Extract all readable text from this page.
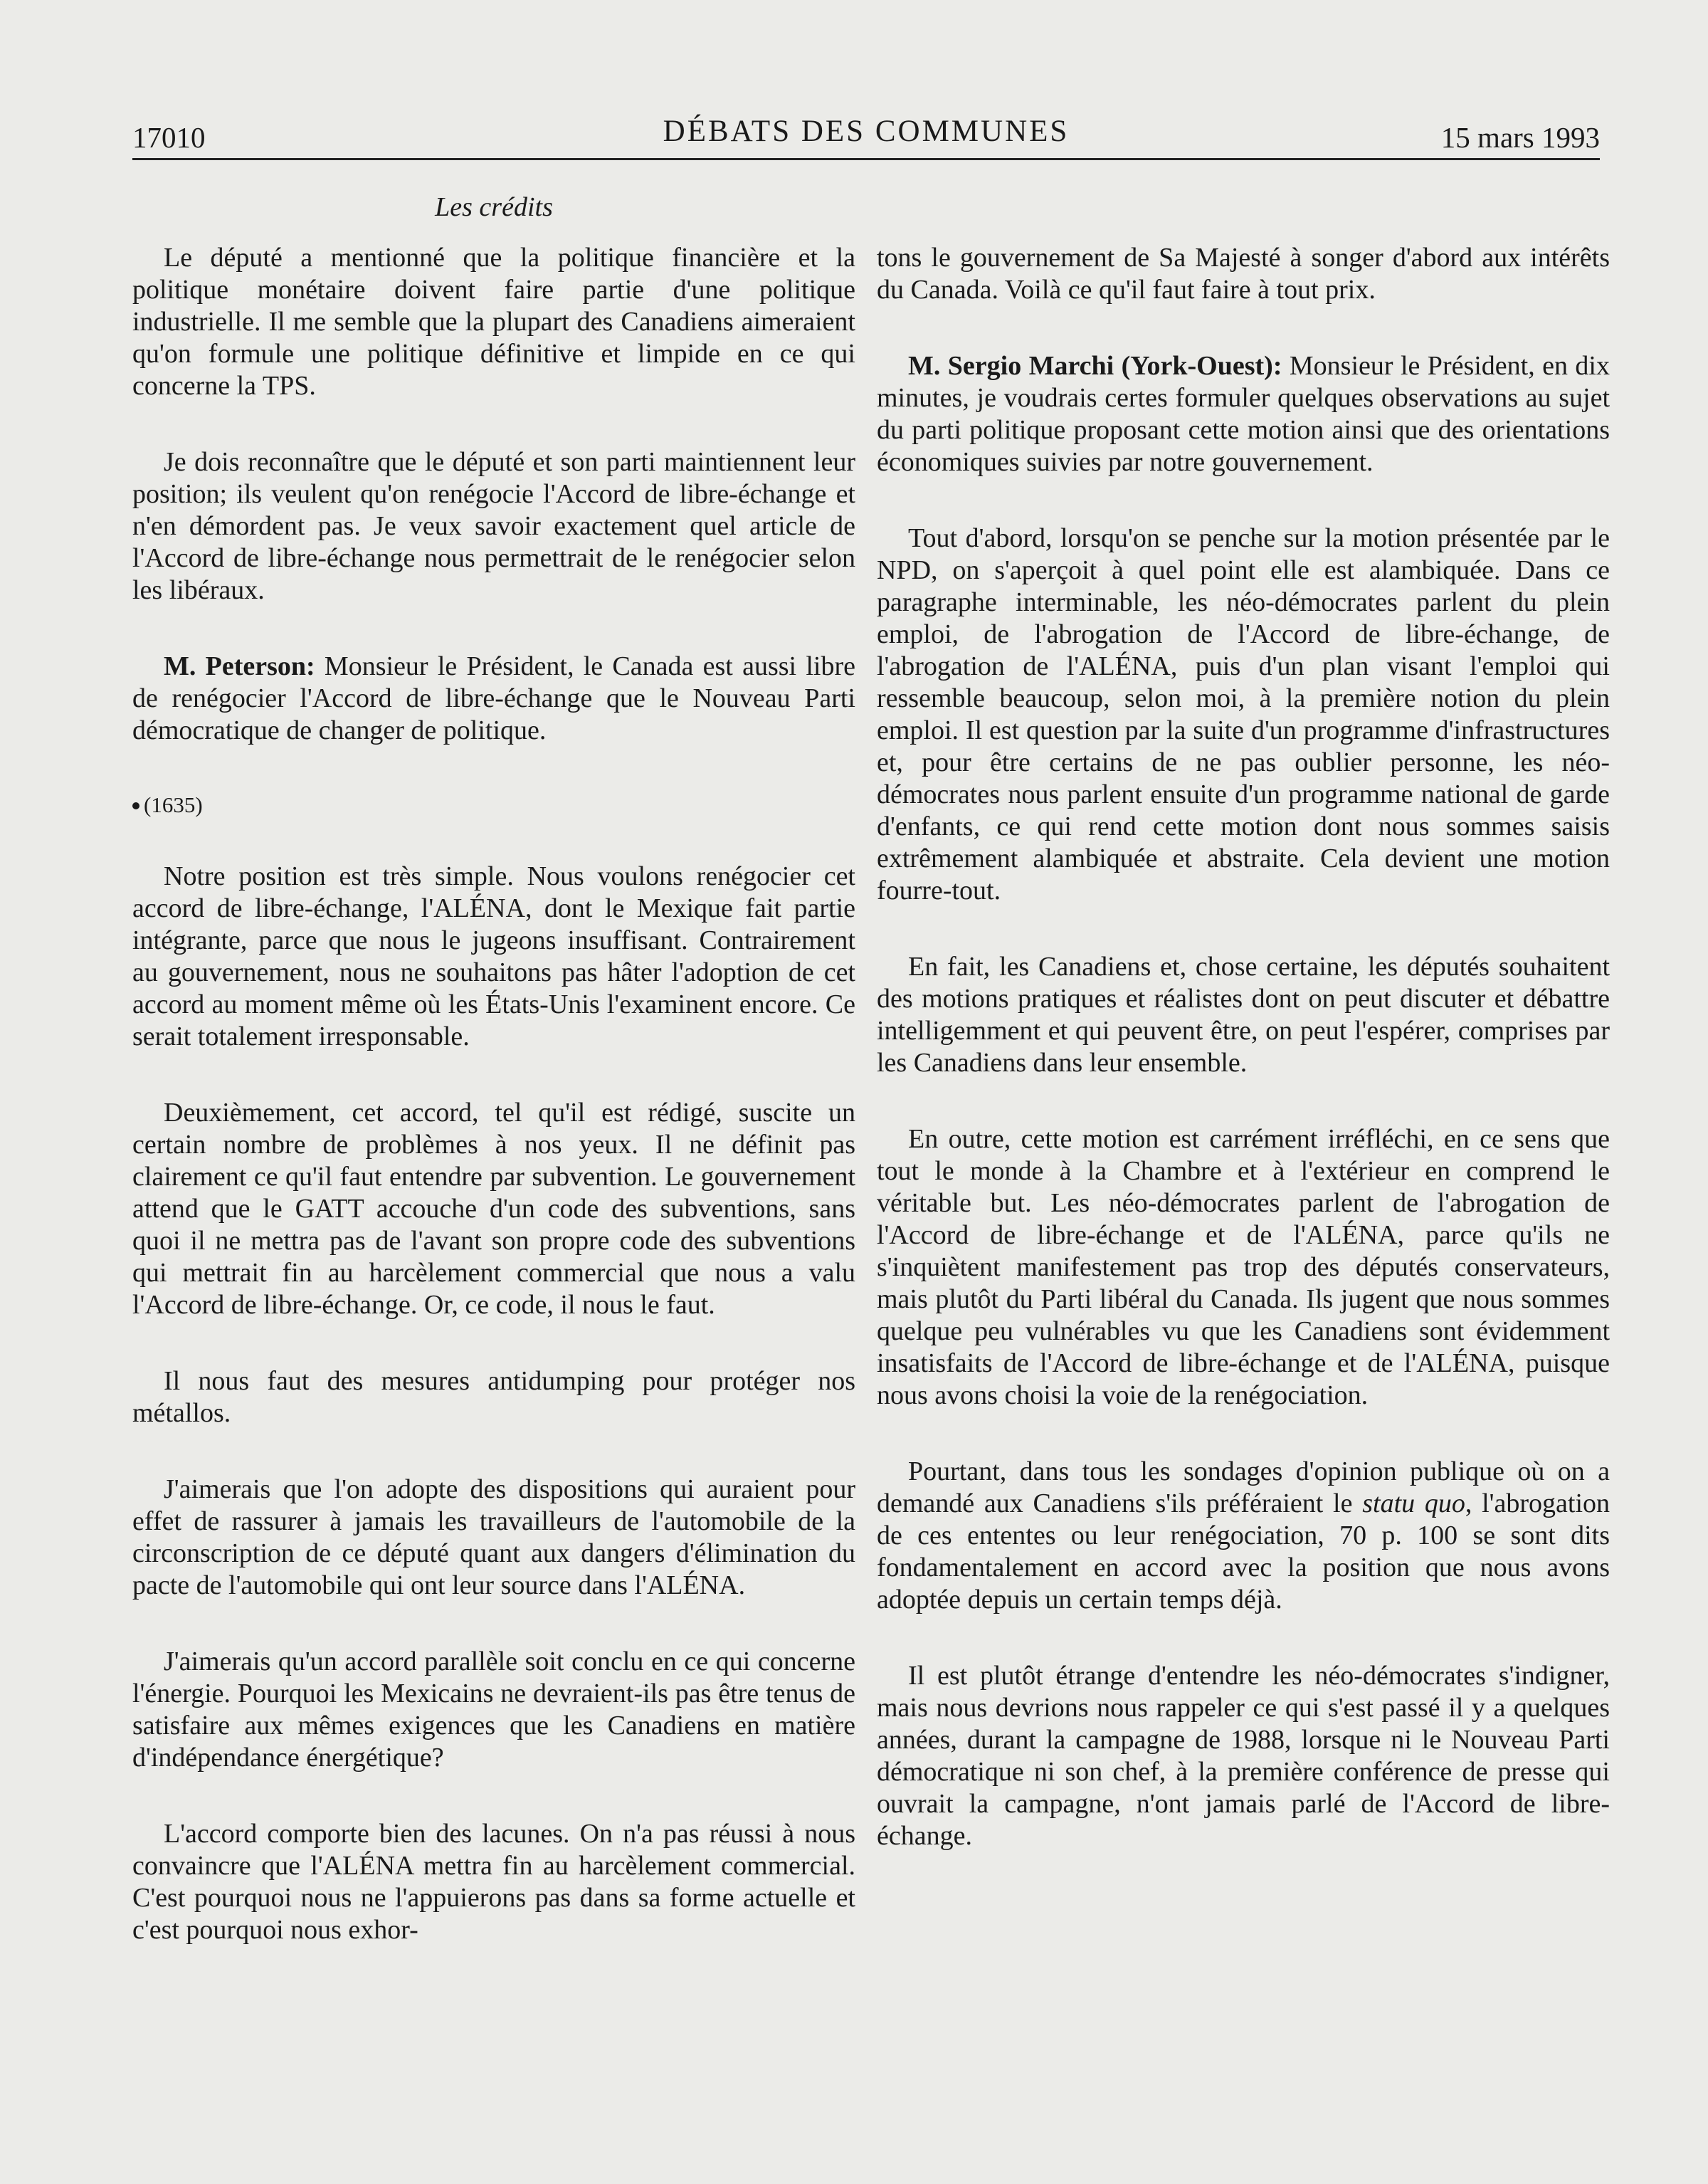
17010	DÉBATS DES COMMUNES	15 mars 1993
Les crédits

Le député a mentionné que la politique financière et la politique monétaire doivent faire partie d'une politique industrielle. Il me semble que la plupart des Canadiens aimeraient qu'on formule une politique définitive et limpide en ce qui concerne la TPS.

Je dois reconnaître que le député et son parti maintiennent leur position; ils veulent qu'on renégocie l'Accord de libre-échange et n'en démordent pas. Je veux savoir exactement quel article de l'Accord de libre-échange nous permettrait de le renégocier selon les libéraux.

M. Peterson: Monsieur le Président, le Canada est aussi libre de renégocier l'Accord de libre-échange que le Nouveau Parti démocratique de changer de politique.

(1635)

Notre position est très simple. Nous voulons renégocier cet accord de libre-échange, l'ALÉNA, dont le Mexique fait partie intégrante, parce que nous le jugeons insuffisant. Contrairement au gouvernement, nous ne souhaitons pas hâter l'adoption de cet accord au moment même où les États-Unis l'examinent encore. Ce serait totalement irresponsable.

Deuxièmement, cet accord, tel qu'il est rédigé, suscite un certain nombre de problèmes à nos yeux. Il ne définit pas clairement ce qu'il faut entendre par subvention. Le gouvernement attend que le GATT accouche d'un code des subventions, sans quoi il ne mettra pas de l'avant son propre code des subventions qui mettrait fin au harcèlement commercial que nous a valu l'Accord de libre-échange. Or, ce code, il nous le faut.

Il nous faut des mesures antidumping pour protéger nos métallos.

J'aimerais que l'on adopte des dispositions qui auraient pour effet de rassurer à jamais les travailleurs de l'automobile de la circonscription de ce député quant aux dangers d'élimination du pacte de l'automobile qui ont leur source dans l'ALÉNA.

J'aimerais qu'un accord parallèle soit conclu en ce qui concerne l'énergie. Pourquoi les Mexicains ne devraient-ils pas être tenus de satisfaire aux mêmes exigences que les Canadiens en matière d'indépendance énergétique?

L'accord comporte bien des lacunes. On n'a pas réussi à nous convaincre que l'ALÉNA mettra fin au harcèlement commercial. C'est pourquoi nous ne l'appuierons pas dans sa forme actuelle et c'est pourquoi nous exhor-

tons le gouvernement de Sa Majesté à songer d'abord aux intérêts du Canada. Voilà ce qu'il faut faire à tout prix.

M. Sergio Marchi (York-Ouest): Monsieur le Président, en dix minutes, je voudrais certes formuler quelques observations au sujet du parti politique proposant cette motion ainsi que des orientations économiques suivies par notre gouvernement.

Tout d'abord, lorsqu'on se penche sur la motion présentée par le NPD, on s'aperçoit à quel point elle est alambiquée. Dans ce paragraphe interminable, les néo-démocrates parlent du plein emploi, de l'abrogation de l'Accord de libre-échange, de l'abrogation de l'ALÉNA, puis d'un plan visant l'emploi qui ressemble beaucoup, selon moi, à la première notion du plein emploi. Il est question par la suite d'un programme d'infrastructures et, pour être certains de ne pas oublier personne, les néo-démocrates nous parlent ensuite d'un programme national de garde d'enfants, ce qui rend cette motion dont nous sommes saisis extrêmement alambiquée et abstraite. Cela devient une motion fourre-tout.

En fait, les Canadiens et, chose certaine, les députés souhaitent des motions pratiques et réalistes dont on peut discuter et débattre intelligemment et qui peuvent être, on peut l'espérer, comprises par les Canadiens dans leur ensemble.

En outre, cette motion est carrément irréfléchi, en ce sens que tout le monde à la Chambre et à l'extérieur en comprend le véritable but. Les néo-démocrates parlent de l'abrogation de l'Accord de libre-échange et de l'ALÉNA, parce qu'ils ne s'inquiètent manifestement pas trop des députés conservateurs, mais plutôt du Parti libéral du Canada. Ils jugent que nous sommes quelque peu vulnérables vu que les Canadiens sont évidemment insatisfaits de l'Accord de libre-échange et de l'ALÉNA, puisque nous avons choisi la voie de la renégociation.

Pourtant, dans tous les sondages d'opinion publique où on a demandé aux Canadiens s'ils préféraient le statu quo, l'abrogation de ces ententes ou leur renégociation, 70 p. 100 se sont dits fondamentalement en accord avec la position que nous avons adoptée depuis un certain temps déjà.

Il est plutôt étrange d'entendre les néo-démocrates s'indigner, mais nous devrions nous rappeler ce qui s'est passé il y a quelques années, durant la campagne de 1988, lorsque ni le Nouveau Parti démocratique ni son chef, à la première conférence de presse qui ouvrait la campagne, n'ont jamais parlé de l'Accord de libre-échange.
